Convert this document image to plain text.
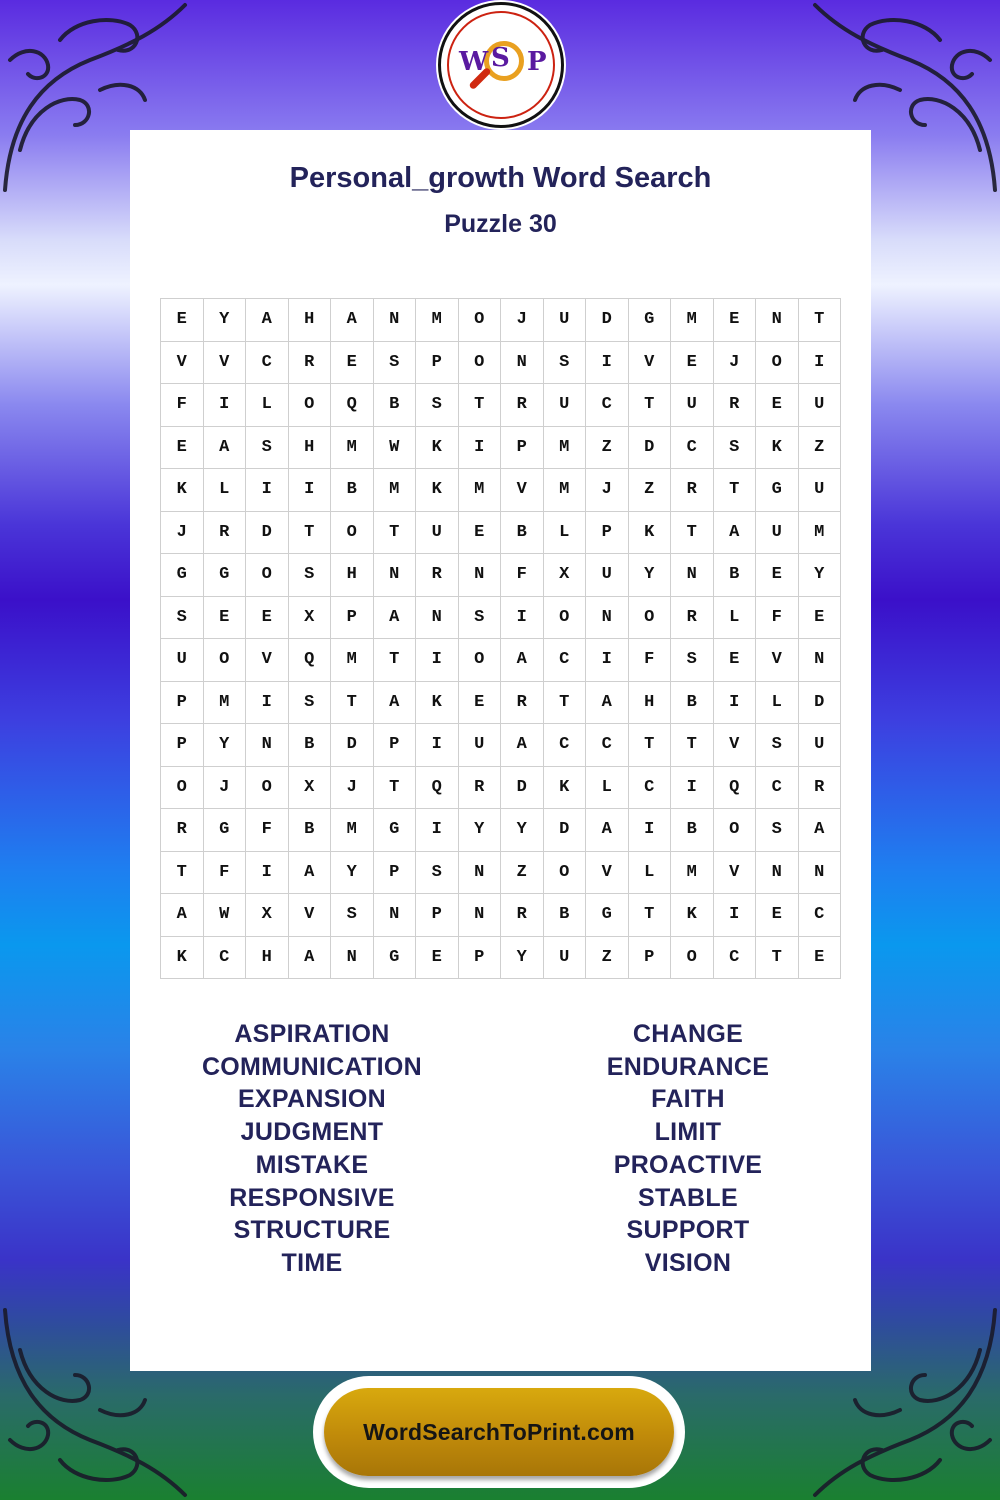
W S P
Personal_growth Word Search
Puzzle 30
E	Y	A	H	A	N	M	O	J	U	D	G	M	E	N	T
V	V	C	R	E	S	P	O	N	S	I	V	E	J	O	I
F	I	L	O	Q	B	S	T	R	U	C	T	U	R	E	U
E	A	S	H	M	W	K	I	P	M	Z	D	C	S	K	Z
K	L	I	I	B	M	K	M	V	M	J	Z	R	T	G	U
J	R	D	T	O	T	U	E	B	L	P	K	T	A	U	M
G	G	O	S	H	N	R	N	F	X	U	Y	N	B	E	Y
S	E	E	X	P	A	N	S	I	O	N	O	R	L	F	E
U	O	V	Q	M	T	I	O	A	C	I	F	S	E	V	N
P	M	I	S	T	A	K	E	R	T	A	H	B	I	L	D
P	Y	N	B	D	P	I	U	A	C	C	T	T	V	S	U
O	J	O	X	J	T	Q	R	D	K	L	C	I	Q	C	R
R	G	F	B	M	G	I	Y	Y	D	A	I	B	O	S	A
T	F	I	A	Y	P	S	N	Z	O	V	L	M	V	N	N
A	W	X	V	S	N	P	N	R	B	G	T	K	I	E	C
K	C	H	A	N	G	E	P	Y	U	Z	P	O	C	T	E
ASPIRATION
COMMUNICATION
EXPANSION
JUDGMENT
MISTAKE
RESPONSIVE
STRUCTURE
TIME
CHANGE
ENDURANCE
FAITH
LIMIT
PROACTIVE
STABLE
SUPPORT
VISION
WordSearchToPrint.com
